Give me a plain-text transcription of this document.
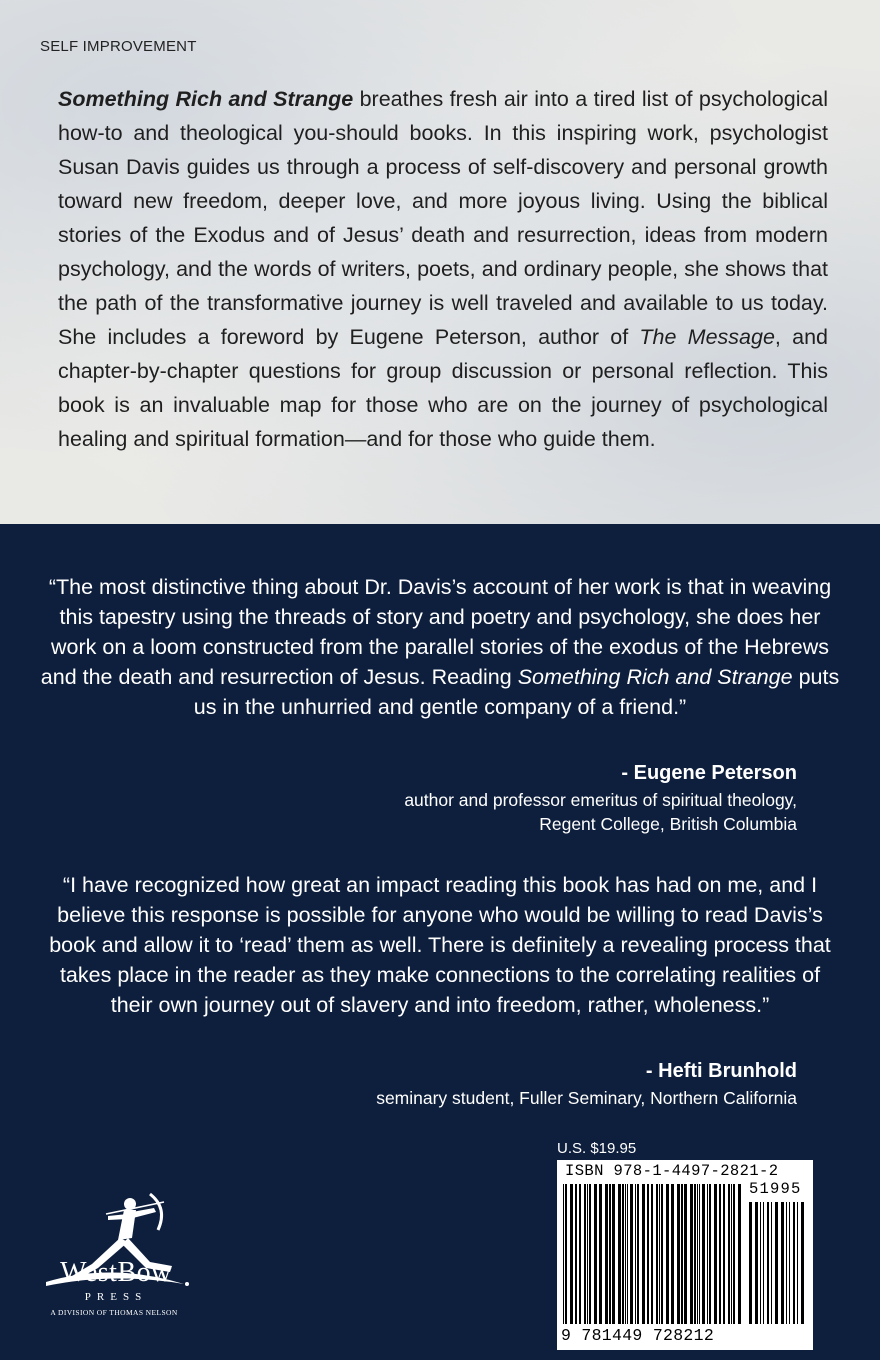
SELF IMPROVEMENT
Something Rich and Strange breathes fresh air into a tired list of psychological how-to and theological you-should books. In this inspiring work, psychologist Susan Davis guides us through a process of self-discovery and personal growth toward new freedom, deeper love, and more joyous living. Using the biblical stories of the Exodus and of Jesus’ death and resurrection, ideas from modern psychology, and the words of writers, poets, and ordinary people, she shows that the path of the transformative journey is well traveled and available to us today. She includes a foreword by Eugene Peterson, author of The Message, and chapter-by-chapter questions for group discussion or personal reflection. This book is an invaluable map for those who are on the journey of psychological healing and spiritual formation—and for those who guide them.
“The most distinctive thing about Dr. Davis’s account of her work is that in weaving this tapestry using the threads of story and poetry and psychology, she does her work on a loom constructed from the parallel stories of the exodus of the Hebrews and the death and resurrection of Jesus. Reading Something Rich and Strange puts us in the unhurried and gentle company of a friend.”
- Eugene Peterson
author and professor emeritus of spiritual theology,
Regent College, British Columbia
“I have recognized how great an impact reading this book has had on me, and I believe this response is possible for anyone who would be willing to read Davis’s book and allow it to ‘read’ them as well. There is definitely a revealing process that takes place in the reader as they make connections to the correlating realities of their own journey out of slavery and into freedom, rather, wholeness.”
- Hefti Brunhold
seminary student, Fuller Seminary, Northern California
WestBow
PRESS
A DIVISION OF THOMAS NELSON
U.S. $19.95
ISBN 978-1-4497-2821-2
51995
9 781449 728212
